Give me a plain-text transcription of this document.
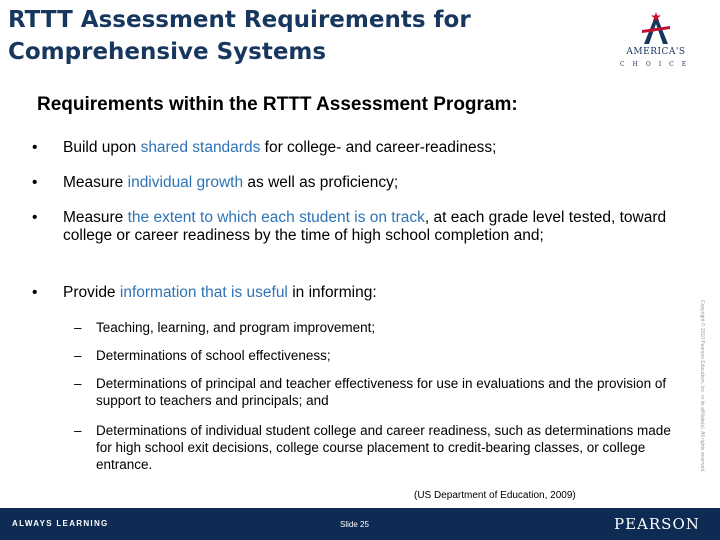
RTTT Assessment Requirements for Comprehensive Systems	AMERICA'S
CHOICE
Requirements within the RTTT Assessment Program:
• Build upon shared standards for college- and career-readiness;
• Measure individual growth as well as proficiency;
• Measure the extent to which each student is on track, at each grade level tested, toward college or career readiness by the time of high school completion and;
• Provide information that is useful in informing:
– Teaching, learning, and program improvement;
– Determinations of school effectiveness;
– Determinations of principal and teacher effectiveness for use in evaluations and the provision of support to teachers and principals; and
– Determinations of individual student college and career readiness, such as determinations made for high school exit decisions, college course placement to credit-bearing classes, or college entrance.
(US Department of Education, 2009)
Copyright © 2010 Pearson Education, Inc. or its affiliate(s). All rights reserved.
ALWAYS LEARNING	Slide 25	PEARSON
